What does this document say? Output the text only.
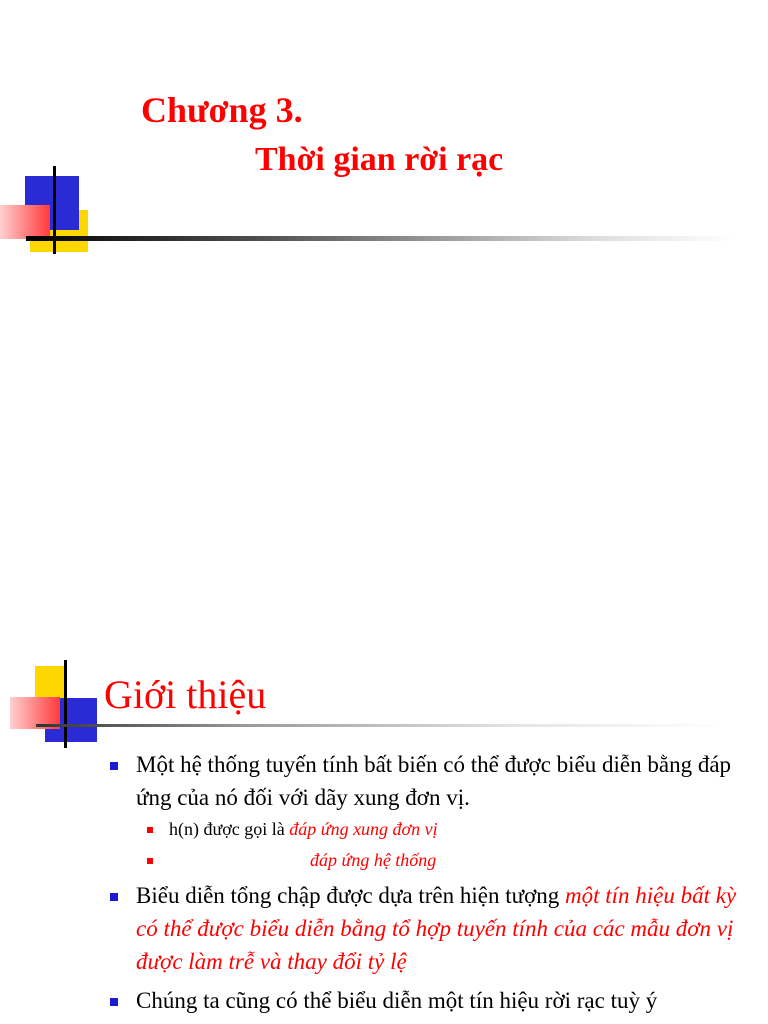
Chương 3.
Thời gian rời rạc
Giới thiệu
Một hệ thống tuyến tính bất biến có thể được biểu diễn bằng đáp ứng của nó đối với dãy xung đơn vị.
h(n) được gọi là đáp ứng xung đơn vị
đáp ứng hệ thống
Biểu diễn tổng chập được dựa trên hiện tượng một tín hiệu bất kỳ có thể được biểu diễn bằng tổ hợp tuyến tính của các mẫu đơn vị được làm trễ và thay đổi tỷ lệ
Chúng ta cũng có thể biểu diễn một tín hiệu rời rạc tuỳ ý
